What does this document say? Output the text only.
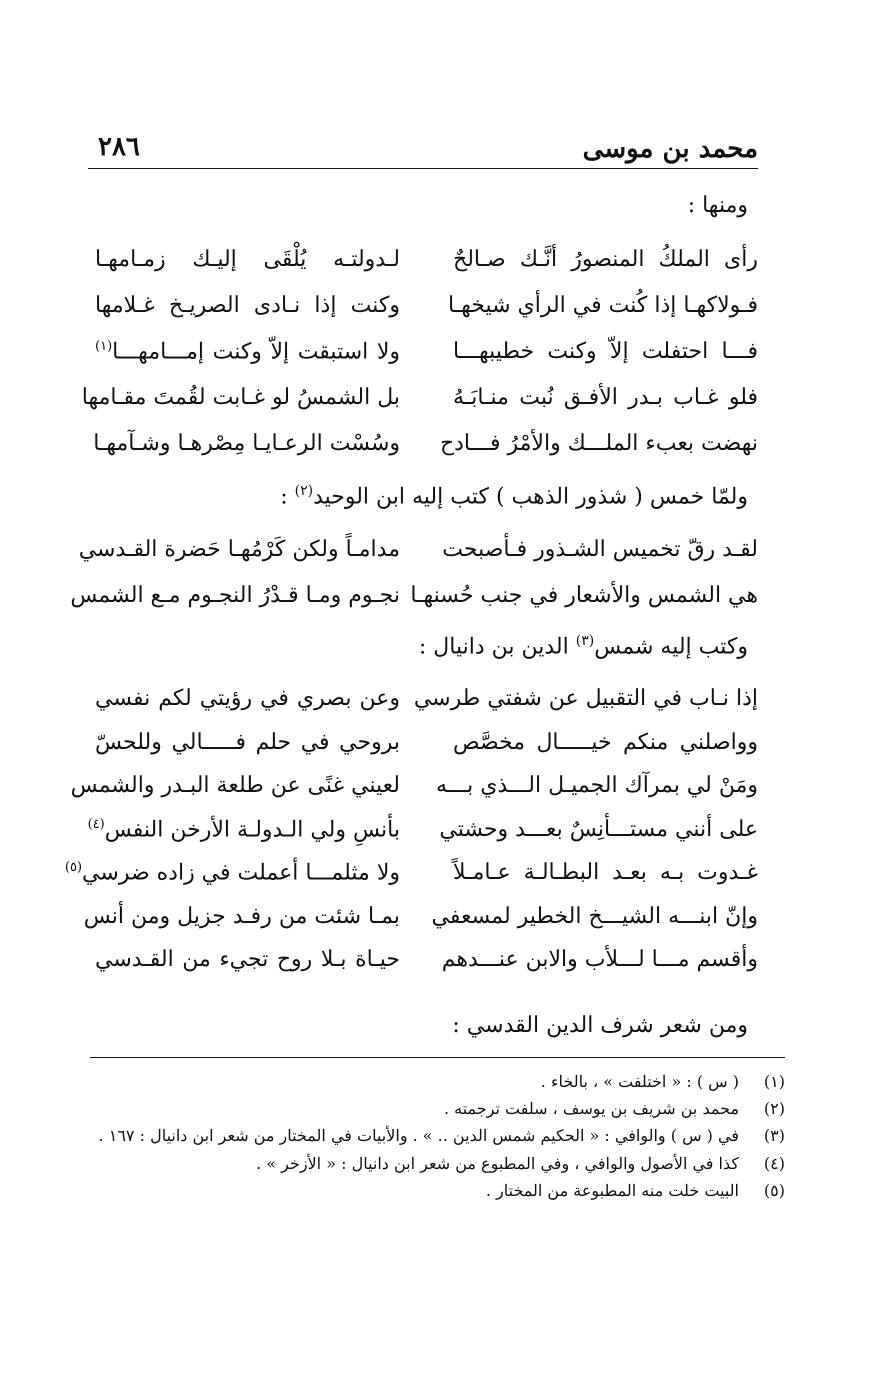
محمد بن موسى
٢٨٦
ومنها :
رأى الملكُ المنصورُ أنَّـك صـالحٌ
لـدولتـه يُلْقَى إليـك زمـامهـا
فـولاكهـا إذا كُنت في الرأي شيخهـا
وكنت إذا نـادى الصريـخ غـلامها
فـــا احتفلت إلاّ وكنت خطيبهـــا
ولا استبقت إلاّ وكنت إمـــامهـــا$^{(١)}$
فلو غـاب بـدر الأفـق نُبت منـابَـهُ
بل الشمسُ لو غـابت لقُمتَ مقـامها
نهضت بعبء الملـــك والأمْرُ فـــادح
وسُسْت الرعـايـا مِصْرهـا وشـآمهـا
ولمّا خمس ( شذور الذهب ) كتب إليه ابن الوحيد$^{(٢)}$ :
لقـد رقّ تخميس الشـذور فـأصبحت
مدامـاً ولكن كَرْمُهـا حَضرة القـدسي
هي الشمس والأشعار في جنب حُسنهـا
نجـوم ومـا قـدْرُ النجـوم مـع الشمس
وكتب إليه شمس$^{(٣)}$ الدين بن دانيال :
إذا نـاب في التقبيل عن شفتي طرسي
وعن بصري في رؤيتي لكم نفسي
وواصلني منكم خيـــــال مخصَّص
بروحي في حلم فـــــالي وللحسّ
ومَنْ لي بمرآك الجميـل الـــذي بـــه
لعيني غنًى عن طلعة البـدر والشمس
على أنني مستـــأنِسٌ بعـــد وحشتي
بأنسِ ولي الـدولـة الأرخن النفس$^{(٤)}$
غـدوت بـه بعـد البطـالـة عـامـلاً
ولا مثلمـــا أعملت في زاده ضرسي$^{(٥)}$
وإنّ ابنـــه الشيـــخ الخطير لمسعفي
بمـا شئت من رفـد جزيل ومن أنس
وأقسم مـــا لـــلأب والابن عنـــدهم
حيـاة بـلا روح تجيء من القـدسي
ومن شعر شرف الدين القدسي :
(١)
( س ) : « اختلفت » ، بالخاء .
(٢)
محمد بن شريف بن يوسف ، سلفت ترجمته .
(٣)
في ( س ) والوافي : « الحكيم شمس الدين .. » . والأبيات في المختار من شعر ابن دانيال : ١٦٧ .
(٤)
كذا في الأصول والوافي ، وفي المطبوع من شعر ابن دانيال : « الأزخر » .
(٥)
البيت خلت منه المطبوعة من المختار .
